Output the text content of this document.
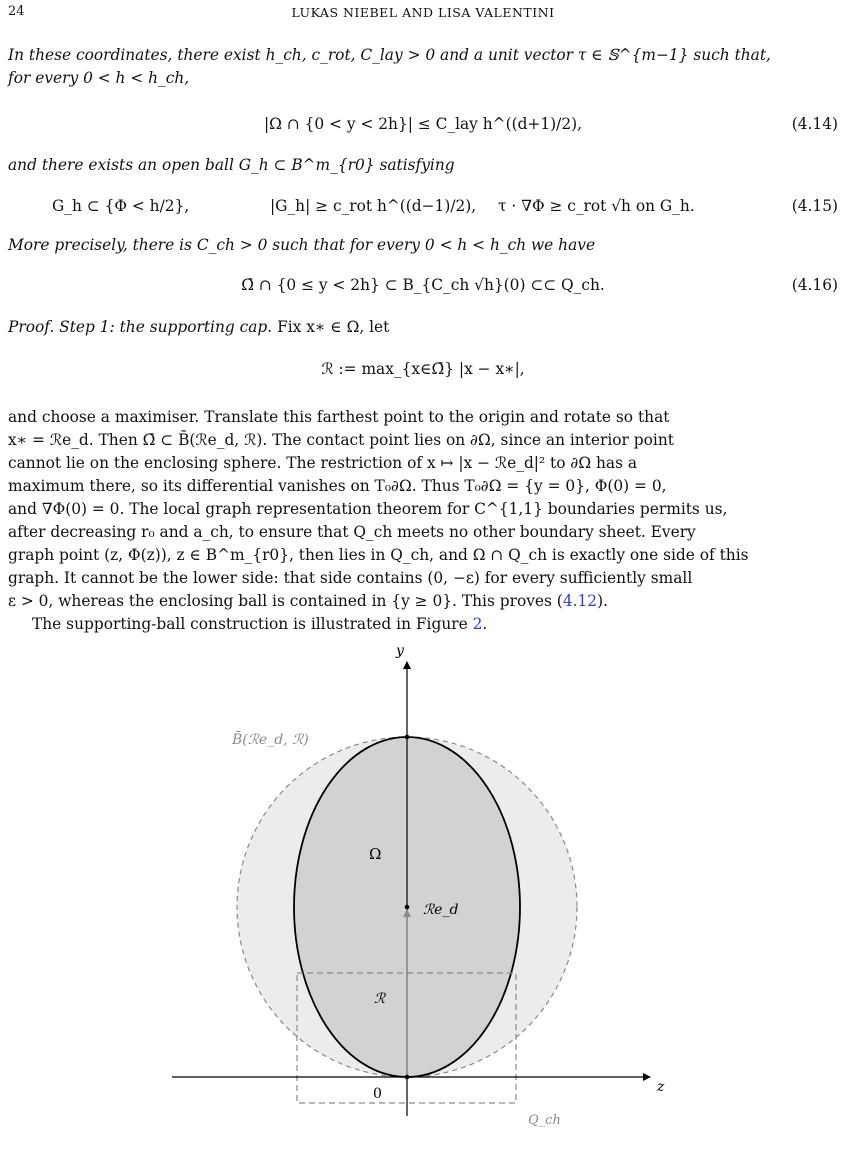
24	LUKAS NIEBEL AND LISA VALENTINI
In these coordinates, there exist h_ch, c_rot, C_lay > 0 and a unit vector τ ∈ 𝕊^{m−1} such that,
for every 0 < h < h_ch,
|Ω ∩ {0 < y < 2h}| ≤ C_lay h^((d+1)/2),	(4.14)
and there exists an open ball G_h ⊂ B^m_{r0} satisfying
G_h ⊂ {Φ < h/2},	|G_h| ≥ c_rot h^((d−1)/2), τ · ∇Φ ≥ c_rot √h on G_h.	(4.15)
More precisely, there is C_ch > 0 such that for every 0 < h < h_ch we have
Ω̄ ∩ {0 ≤ y < 2h} ⊂ B_{C_ch √h}(0) ⊂⊂ Q_ch.	(4.16)
Proof. Step 1: the supporting cap. Fix x∗ ∈ Ω, let
ℛ := max_{x∈Ω̄} |x − x∗|,
and choose a maximiser. Translate this farthest point to the origin and rotate so that
x∗ = ℛe_d. Then Ω̄ ⊂ B̄(ℛe_d, ℛ). The contact point lies on ∂Ω, since an interior point
cannot lie on the enclosing sphere. The restriction of x ↦ |x − ℛe_d|² to ∂Ω has a
maximum there, so its differential vanishes on T₀∂Ω. Thus T₀∂Ω = {y = 0}, Φ(0) = 0,
and ∇Φ(0) = 0. The local graph representation theorem for C^{1,1} boundaries permits us,
after decreasing r₀ and a_ch, to ensure that Q_ch meets no other boundary sheet. Every
graph point (z, Φ(z)), z ∈ B^m_{r0}, then lies in Q_ch, and Ω ∩ Q_ch is exactly one side of this
graph. It cannot be the lower side: that side contains (0, −ε) for every sufficiently small
ε > 0, whereas the enclosing ball is contained in {y ≥ 0}. This proves (4.12).
The supporting-ball construction is illustrated in Figure 2.
y
z
B̄(ℛe_d, ℛ)
Ω
ℛe_d
ℛ
0
Q_ch
